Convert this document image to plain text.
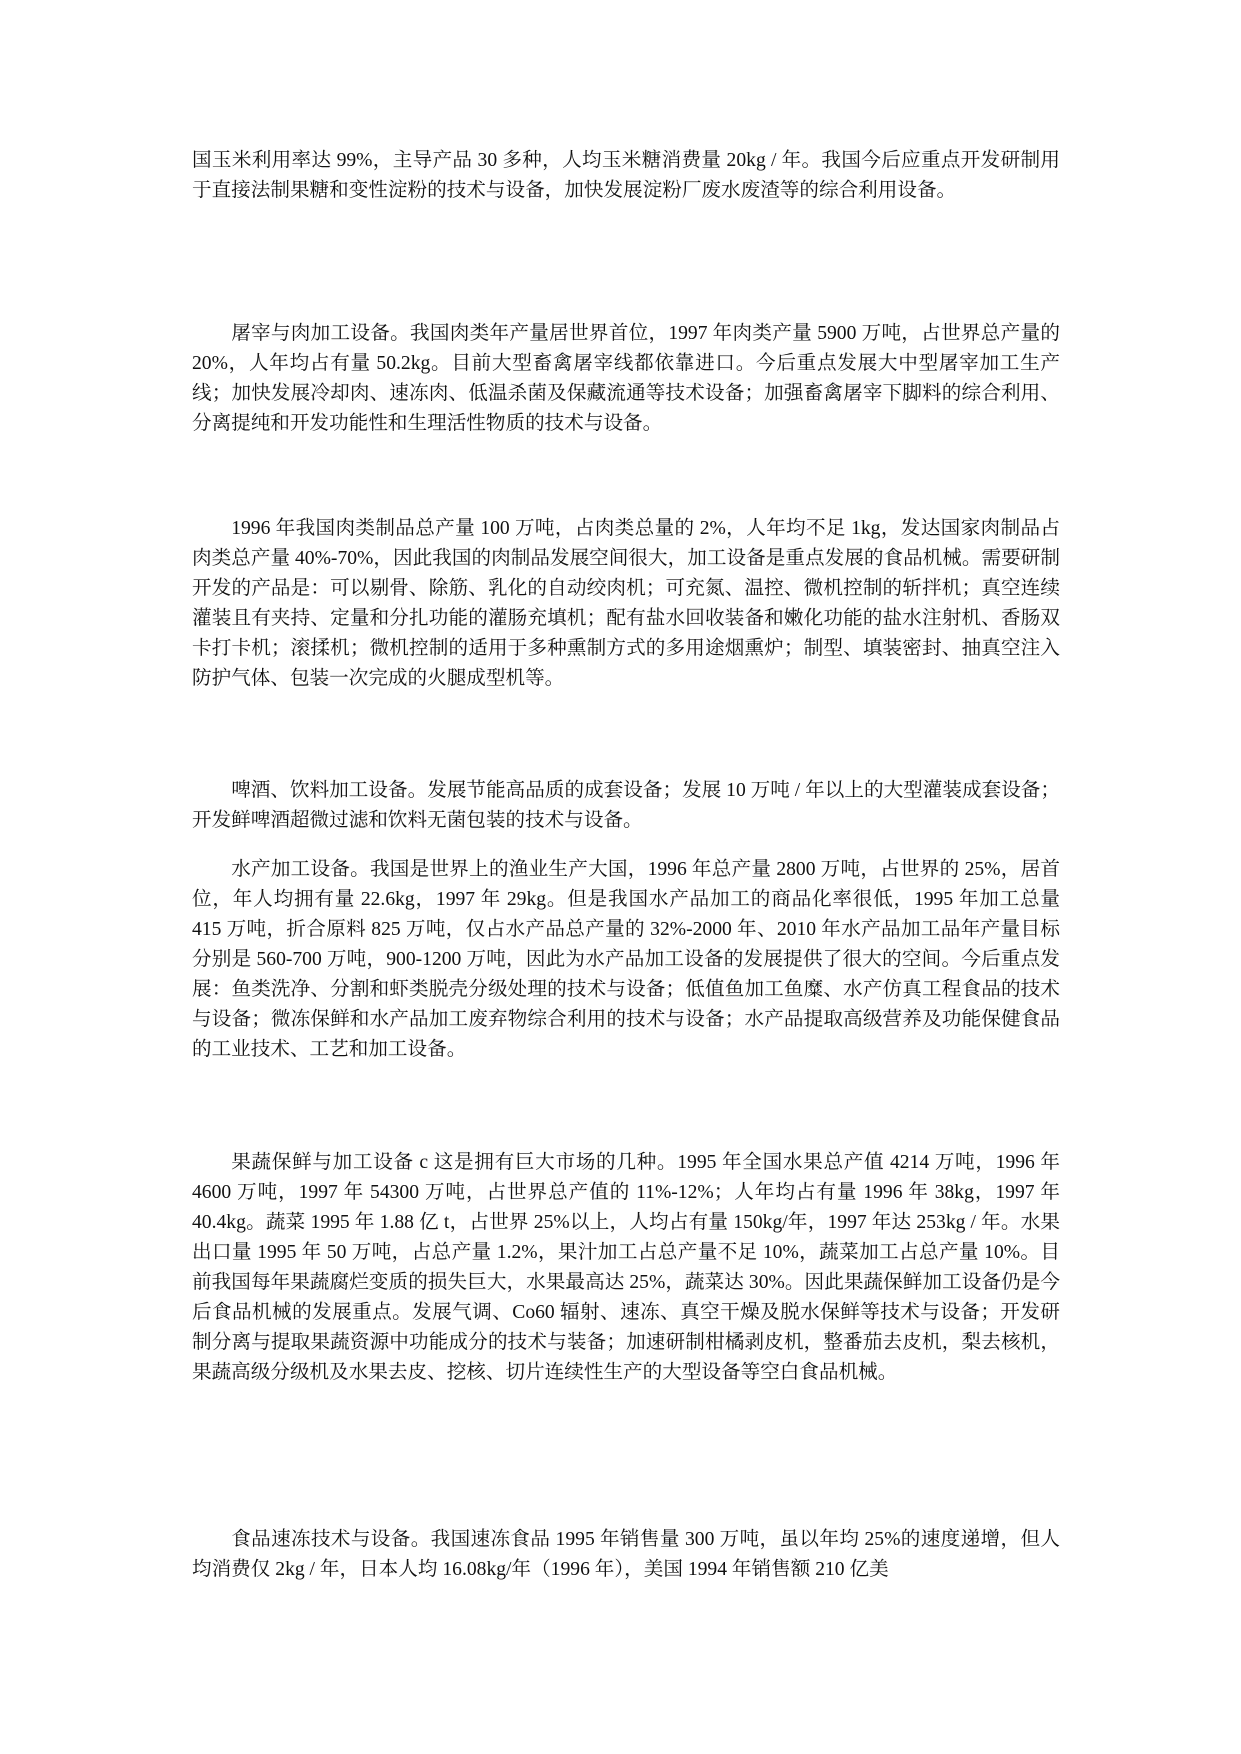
国玉米利用率达 99%，主导产品 30 多种，人均玉米糖消费量 20kg / 年。我国今后应重点开发研制用于直接法制果糖和变性淀粉的技术与设备，加快发展淀粉厂废水废渣等的综合利用设备。

屠宰与肉加工设备。我国肉类年产量居世界首位，1997 年肉类产量 5900 万吨，占世界总产量的 20%，人年均占有量 50.2kg。目前大型畜禽屠宰线都依靠进口。今后重点发展大中型屠宰加工生产线；加快发展冷却肉、速冻肉、低温杀菌及保藏流通等技术设备；加强畜禽屠宰下脚料的综合利用、分离提纯和开发功能性和生理活性物质的技术与设备。

1996 年我国肉类制品总产量 100 万吨，占肉类总量的 2%，人年均不足 1kg，发达国家肉制品占肉类总产量 40%-70%，因此我国的肉制品发展空间很大，加工设备是重点发展的食品机械。需要研制开发的产品是：可以剔骨、除筋、乳化的自动绞肉机；可充氮、温控、微机控制的斩拌机；真空连续灌装且有夹持、定量和分扎功能的灌肠充填机；配有盐水回收装备和嫩化功能的盐水注射机、香肠双卡打卡机；滚揉机；微机控制的适用于多种熏制方式的多用途烟熏炉；制型、填装密封、抽真空注入防护气体、包装一次完成的火腿成型机等。

啤酒、饮料加工设备。发展节能高品质的成套设备；发展 10 万吨 / 年以上的大型灌装成套设备；开发鲜啤酒超微过滤和饮料无菌包装的技术与设备。

水产加工设备。我国是世界上的渔业生产大国，1996 年总产量 2800 万吨，占世界的 25%，居首位，年人均拥有量 22.6kg，1997 年 29kg。但是我国水产品加工的商品化率很低，1995 年加工总量 415 万吨，折合原料 825 万吨，仅占水产品总产量的 32%-2000 年、2010 年水产品加工品年产量目标分别是 560-700 万吨，900-1200 万吨，因此为水产品加工设备的发展提供了很大的空间。今后重点发展：鱼类洗净、分割和虾类脱壳分级处理的技术与设备；低值鱼加工鱼糜、水产仿真工程食品的技术与设备；微冻保鲜和水产品加工废弃物综合利用的技术与设备；水产品提取高级营养及功能保健食品的工业技术、工艺和加工设备。

果蔬保鲜与加工设备 c 这是拥有巨大市场的几种。1995 年全国水果总产值 4214 万吨，1996 年 4600 万吨，1997 年 54300 万吨，占世界总产值的 11%-12%；人年均占有量 1996 年 38kg，1997 年 40.4kg。蔬菜 1995 年 1.88 亿 t，占世界 25%以上，人均占有量 150kg/年，1997 年达 253kg / 年。水果出口量 1995 年 50 万吨，占总产量 1.2%，果汁加工占总产量不足 10%，蔬菜加工占总产量 10%。目前我国每年果蔬腐烂变质的损失巨大，水果最高达 25%，蔬菜达 30%。因此果蔬保鲜加工设备仍是今后食品机械的发展重点。发展气调、Co60 辐射、速冻、真空干燥及脱水保鲜等技术与设备；开发研制分离与提取果蔬资源中功能成分的技术与装备；加速研制柑橘剥皮机，整番茄去皮机，梨去核机，果蔬高级分级机及水果去皮、挖核、切片连续性生产的大型设备等空白食品机械。

食品速冻技术与设备。我国速冻食品 1995 年销售量 300 万吨，虽以年均 25%的速度递增，但人均消费仅 2kg / 年，日本人均 16.08kg/年（1996 年），美国 1994 年销售额 210 亿美
